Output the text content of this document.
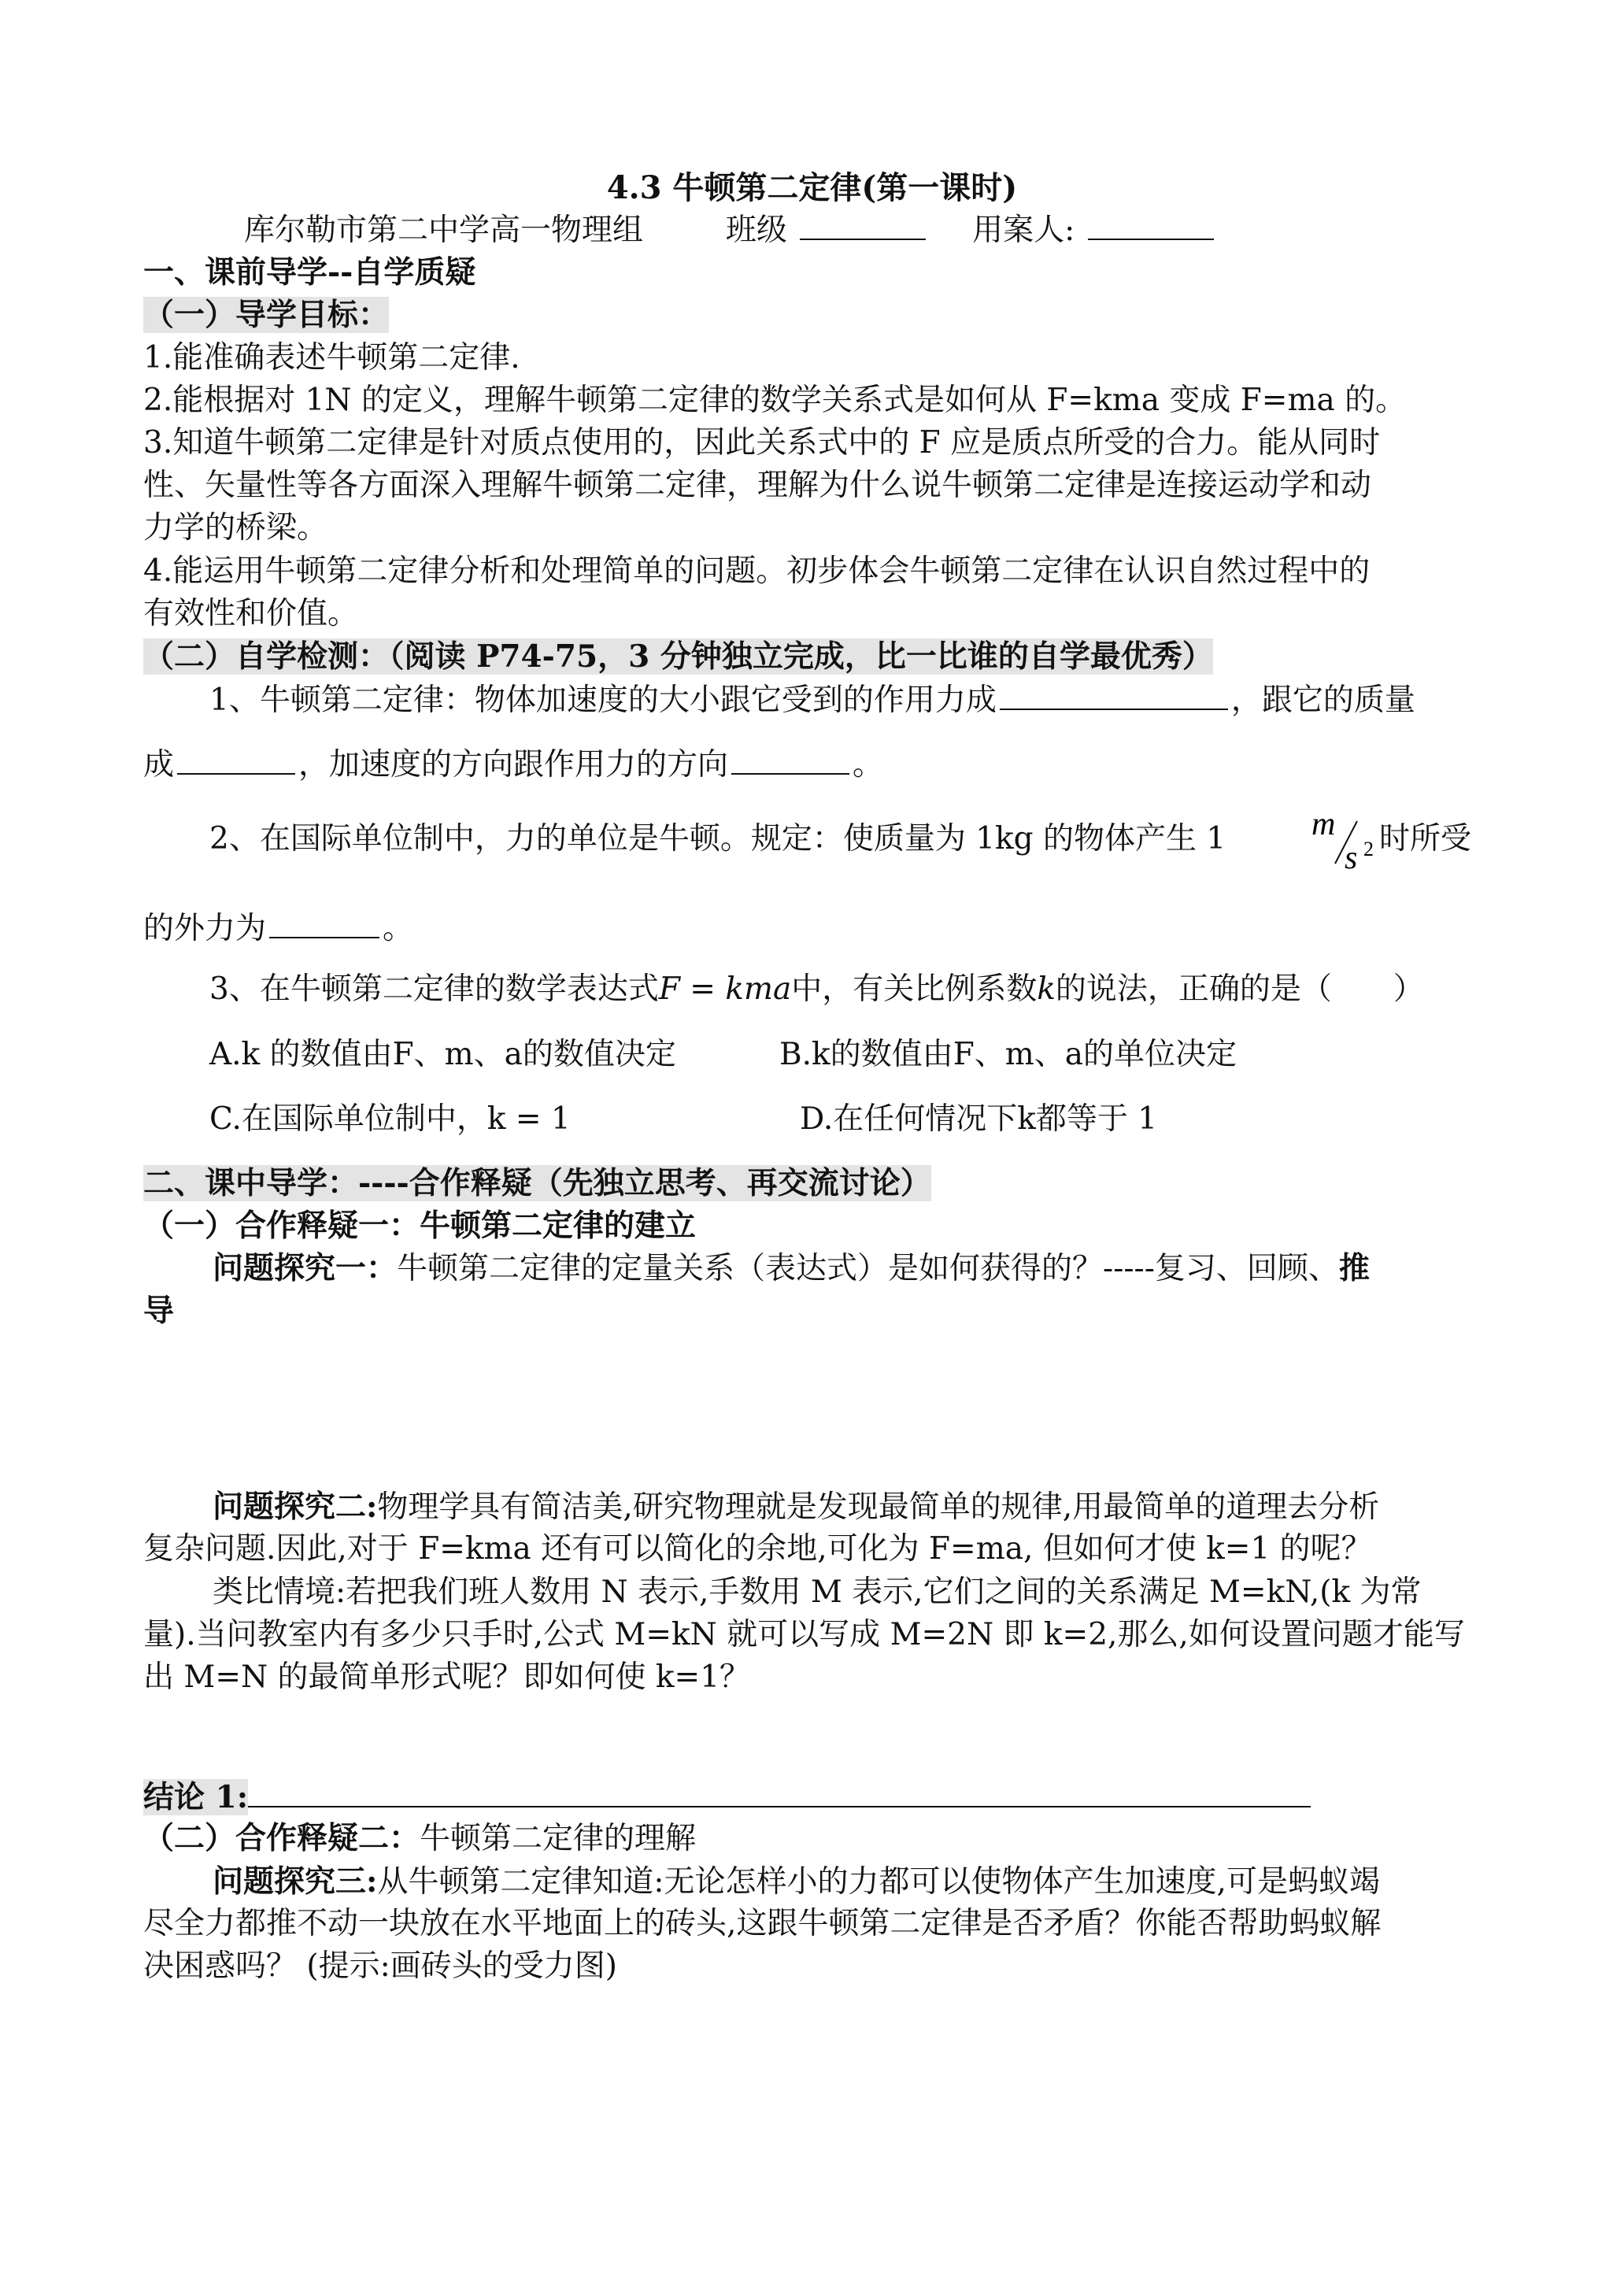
4.3 牛顿第二定律(第一课时)
库尔勒市第二中学高一物理组	班级	用案人:
一、课前导学--自学质疑
（一）导学目标：
1.能准确表述牛顿第二定律.
2.能根据对 1N 的定义，理解牛顿第二定律的数学关系式是如何从 F=kma 变成 F=ma 的。
3.知道牛顿第二定律是针对质点使用的，因此关系式中的 F 应是质点所受的合力。能从同时
性、矢量性等各方面深入理解牛顿第二定律，理解为什么说牛顿第二定律是连接运动学和动
力学的桥梁。
4.能运用牛顿第二定律分析和处理简单的问题。初步体会牛顿第二定律在认识自然过程中的
有效性和价值。
（二）自学检测：（阅读 P74-75，3 分钟独立完成，比一比谁的自学最优秀）
1、牛顿第二定律：物体加速度的大小跟它受到的作用力成	，跟它的质量
成	，加速度的方向跟作用力的方向	。
2、在国际单位制中，力的单位是牛顿。规定：使质量为 1kg 的物体产生 1	m
s 2 时所受
的外力为	。
3、在牛顿第二定律的数学表达式F = kma中，有关比例系数k的说法，正确的是（　　）
A.k 的数值由F、m、a的数值决定	B.k的数值由F、m、a的单位决定
C.在国际单位制中，k = 1	D.在任何情况下k都等于 1
二、课中导学：----合作释疑（先独立思考、再交流讨论）
（一）合作释疑一：牛顿第二定律的建立
问题探究一：牛顿第二定律的定量关系（表达式）是如何获得的？-----复习、回顾、推
导
问题探究二:物理学具有简洁美,研究物理就是发现最简单的规律,用最简单的道理去分析
复杂问题.因此,对于 F=kma 还有可以简化的余地,可化为 F=ma, 但如何才使 k=1 的呢？
类比情境:若把我们班人数用 N 表示,手数用 M 表示,它们之间的关系满足 M=kN,(k 为常
量).当问教室内有多少只手时,公式 M=kN 就可以写成 M=2N 即 k=2,那么,如何设置问题才能写
出 M=N 的最简单形式呢？即如何使 k=1？
结论 1:
（二）合作释疑二：牛顿第二定律的理解
问题探究三:从牛顿第二定律知道:无论怎样小的力都可以使物体产生加速度,可是蚂蚁竭
尽全力都推不动一块放在水平地面上的砖头,这跟牛顿第二定律是否矛盾？你能否帮助蚂蚁解
决困惑吗？ (提示:画砖头的受力图)
